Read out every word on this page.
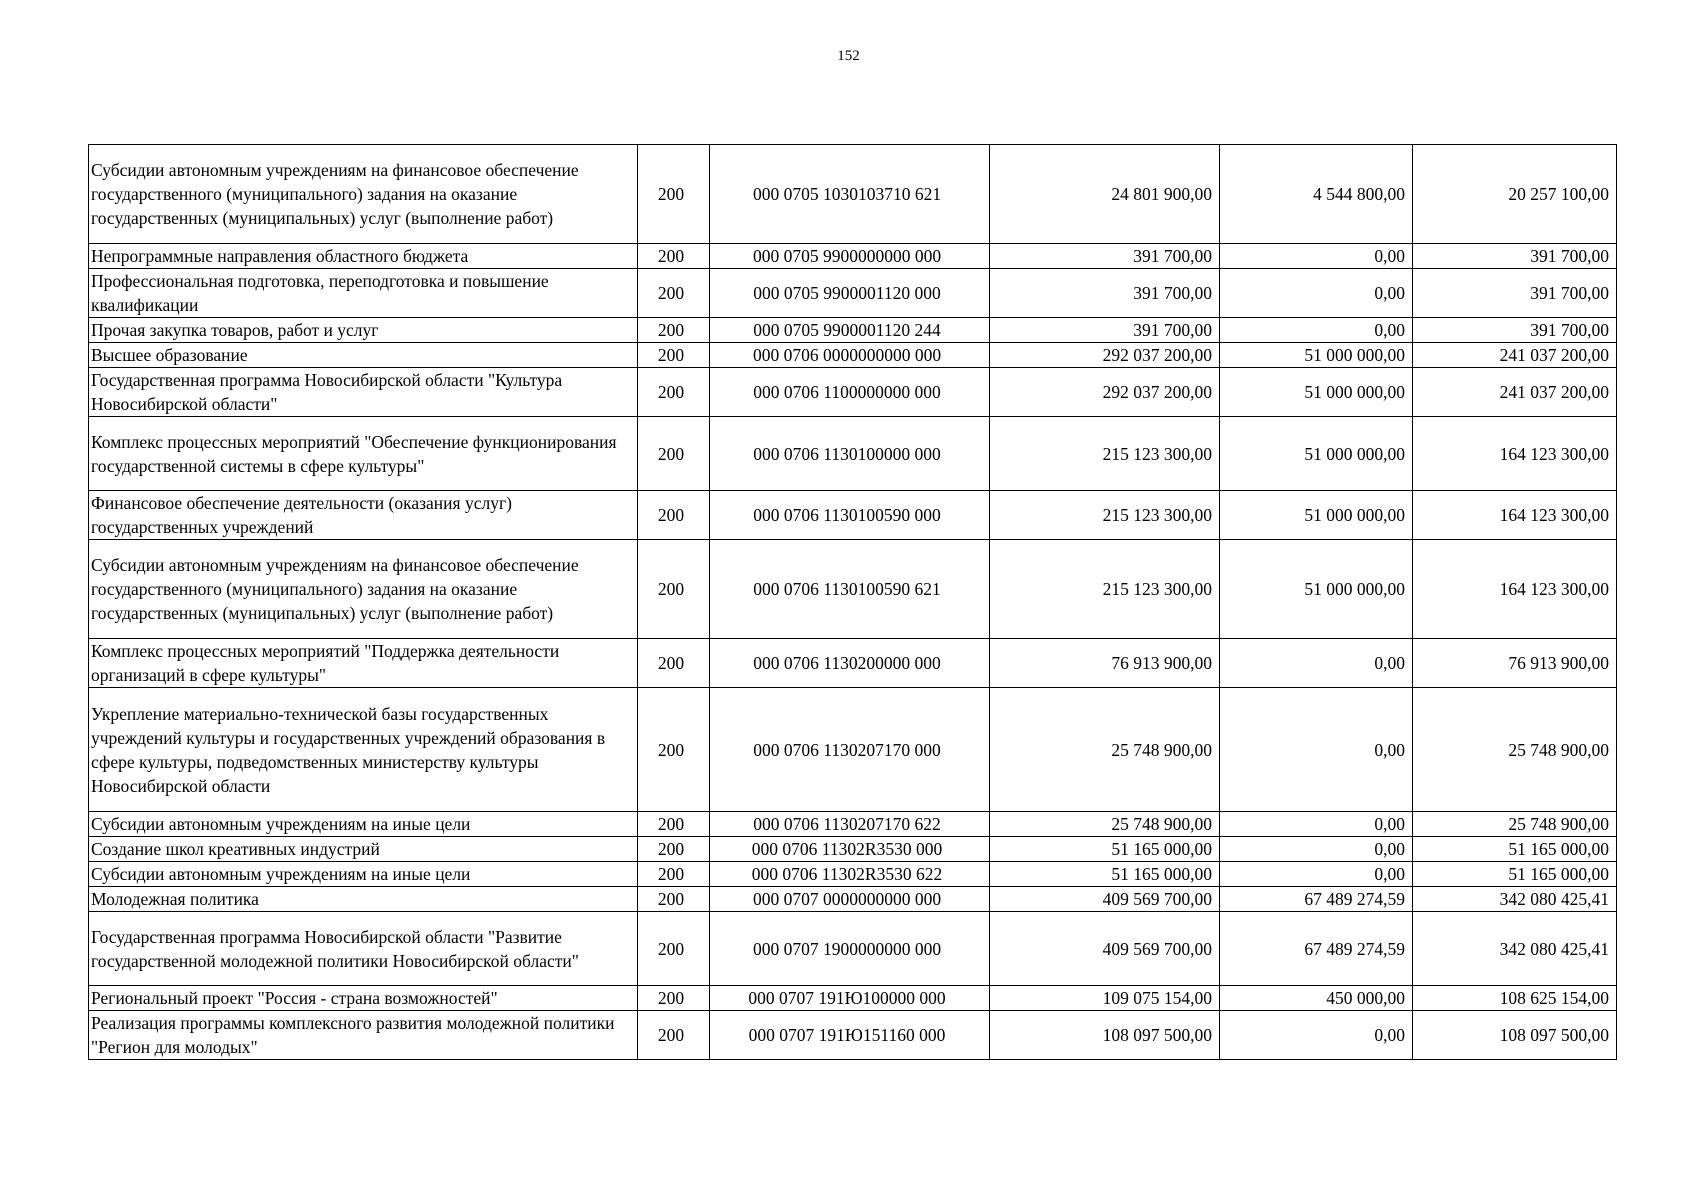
152
Субсидии автономным учреждениям на финансовое обеспечение государственного (муниципального) задания на оказание государственных (муниципальных) услуг (выполнение работ)	200	000 0705 1030103710 621	24 801 900,00	4 544 800,00	20 257 100,00
Непрограммные направления областного бюджета	200	000 0705 9900000000 000	391 700,00	0,00	391 700,00
Профессиональная подготовка, переподготовка и повышение квалификации	200	000 0705 9900001120 000	391 700,00	0,00	391 700,00
Прочая закупка товаров, работ и услуг	200	000 0705 9900001120 244	391 700,00	0,00	391 700,00
Высшее образование	200	000 0706 0000000000 000	292 037 200,00	51 000 000,00	241 037 200,00
Государственная программа Новосибирской области "Культура Новосибирской области"	200	000 0706 1100000000 000	292 037 200,00	51 000 000,00	241 037 200,00
Комплекс процессных мероприятий "Обеспечение функционирования государственной системы в сфере культуры"	200	000 0706 1130100000 000	215 123 300,00	51 000 000,00	164 123 300,00
Финансовое обеспечение деятельности (оказания услуг) государственных учреждений	200	000 0706 1130100590 000	215 123 300,00	51 000 000,00	164 123 300,00
Субсидии автономным учреждениям на финансовое обеспечение государственного (муниципального) задания на оказание государственных (муниципальных) услуг (выполнение работ)	200	000 0706 1130100590 621	215 123 300,00	51 000 000,00	164 123 300,00
Комплекс процессных мероприятий "Поддержка деятельности организаций в сфере культуры"	200	000 0706 1130200000 000	76 913 900,00	0,00	76 913 900,00
Укрепление материально-технической базы государственных учреждений культуры и государственных учреждений образования в сфере культуры, подведомственных министерству культуры Новосибирской области	200	000 0706 1130207170 000	25 748 900,00	0,00	25 748 900,00
Субсидии автономным учреждениям на иные цели	200	000 0706 1130207170 622	25 748 900,00	0,00	25 748 900,00
Создание школ креативных индустрий	200	000 0706 11302R3530 000	51 165 000,00	0,00	51 165 000,00
Субсидии автономным учреждениям на иные цели	200	000 0706 11302R3530 622	51 165 000,00	0,00	51 165 000,00
Молодежная политика	200	000 0707 0000000000 000	409 569 700,00	67 489 274,59	342 080 425,41
Государственная программа Новосибирской области "Развитие государственной молодежной политики Новосибирской области"	200	000 0707 1900000000 000	409 569 700,00	67 489 274,59	342 080 425,41
Региональный проект "Россия - страна возможностей"	200	000 0707 191Ю100000 000	109 075 154,00	450 000,00	108 625 154,00
Реализация программы комплексного развития молодежной политики "Регион для молодых"	200	000 0707 191Ю151160 000	108 097 500,00	0,00	108 097 500,00
